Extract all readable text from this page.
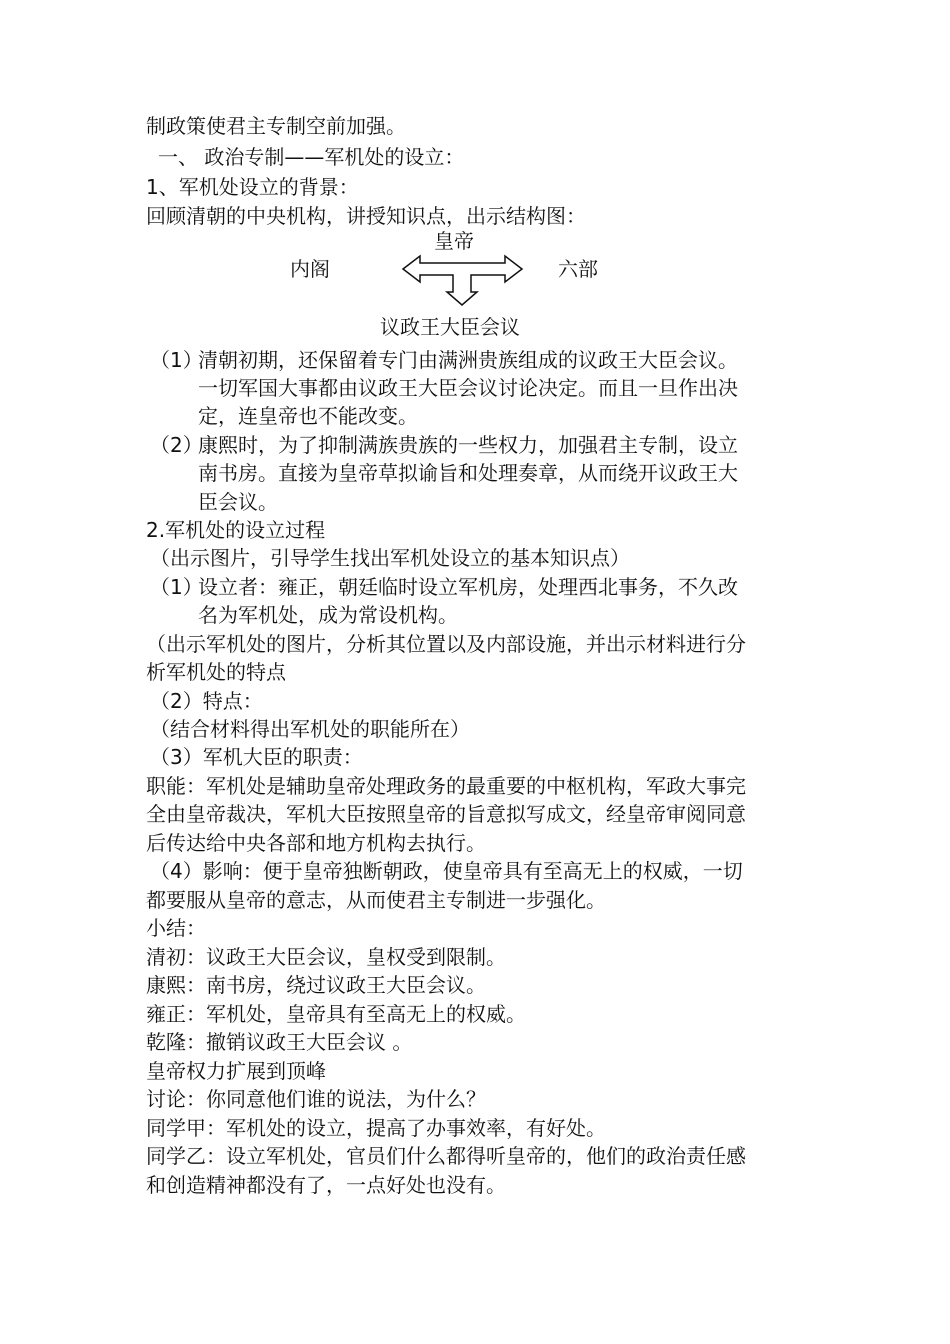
制政策使君主专制空前加强。
一、 政治专制——军机处的设立：
1、军机处设立的背景：
回顾清朝的中央机构，讲授知识点，出示结构图：
皇帝
内阁	六部
议政王大臣会议
（1）
清朝初期，还保留着专门由满洲贵族组成的议政王大臣会议。
一切军国大事都由议政王大臣会议讨论决定。而且一旦作出决
定，连皇帝也不能改变。
（2）
康熙时，为了抑制满族贵族的一些权力，加强君主专制，设立
南书房。直接为皇帝草拟谕旨和处理奏章，从而绕开议政王大
臣会议。
2.军机处的设立过程
（出示图片，引导学生找出军机处设立的基本知识点）
（1）
设立者：雍正，朝廷临时设立军机房，处理西北事务，不久改
名为军机处，成为常设机构。
（出示军机处的图片，分析其位置以及内部设施，并出示材料进行分
析军机处的特点
（2）特点：
（结合材料得出军机处的职能所在）
（3）军机大臣的职责：
职能：军机处是辅助皇帝处理政务的最重要的中枢机构，军政大事完
全由皇帝裁决，军机大臣按照皇帝的旨意拟写成文，经皇帝审阅同意
后传达给中央各部和地方机构去执行。
（4）影响：便于皇帝独断朝政，使皇帝具有至高无上的权威，一切
都要服从皇帝的意志，从而使君主专制进一步强化。
小结：
清初：议政王大臣会议，皇权受到限制。
康熙：南书房，绕过议政王大臣会议。
雍正：军机处，皇帝具有至高无上的权威。
乾隆：撤销议政王大臣会议 。
皇帝权力扩展到顶峰
讨论：你同意他们谁的说法，为什么？
同学甲：军机处的设立，提高了办事效率，有好处。
同学乙：设立军机处，官员们什么都得听皇帝的，他们的政治责任感
和创造精神都没有了，一点好处也没有。
